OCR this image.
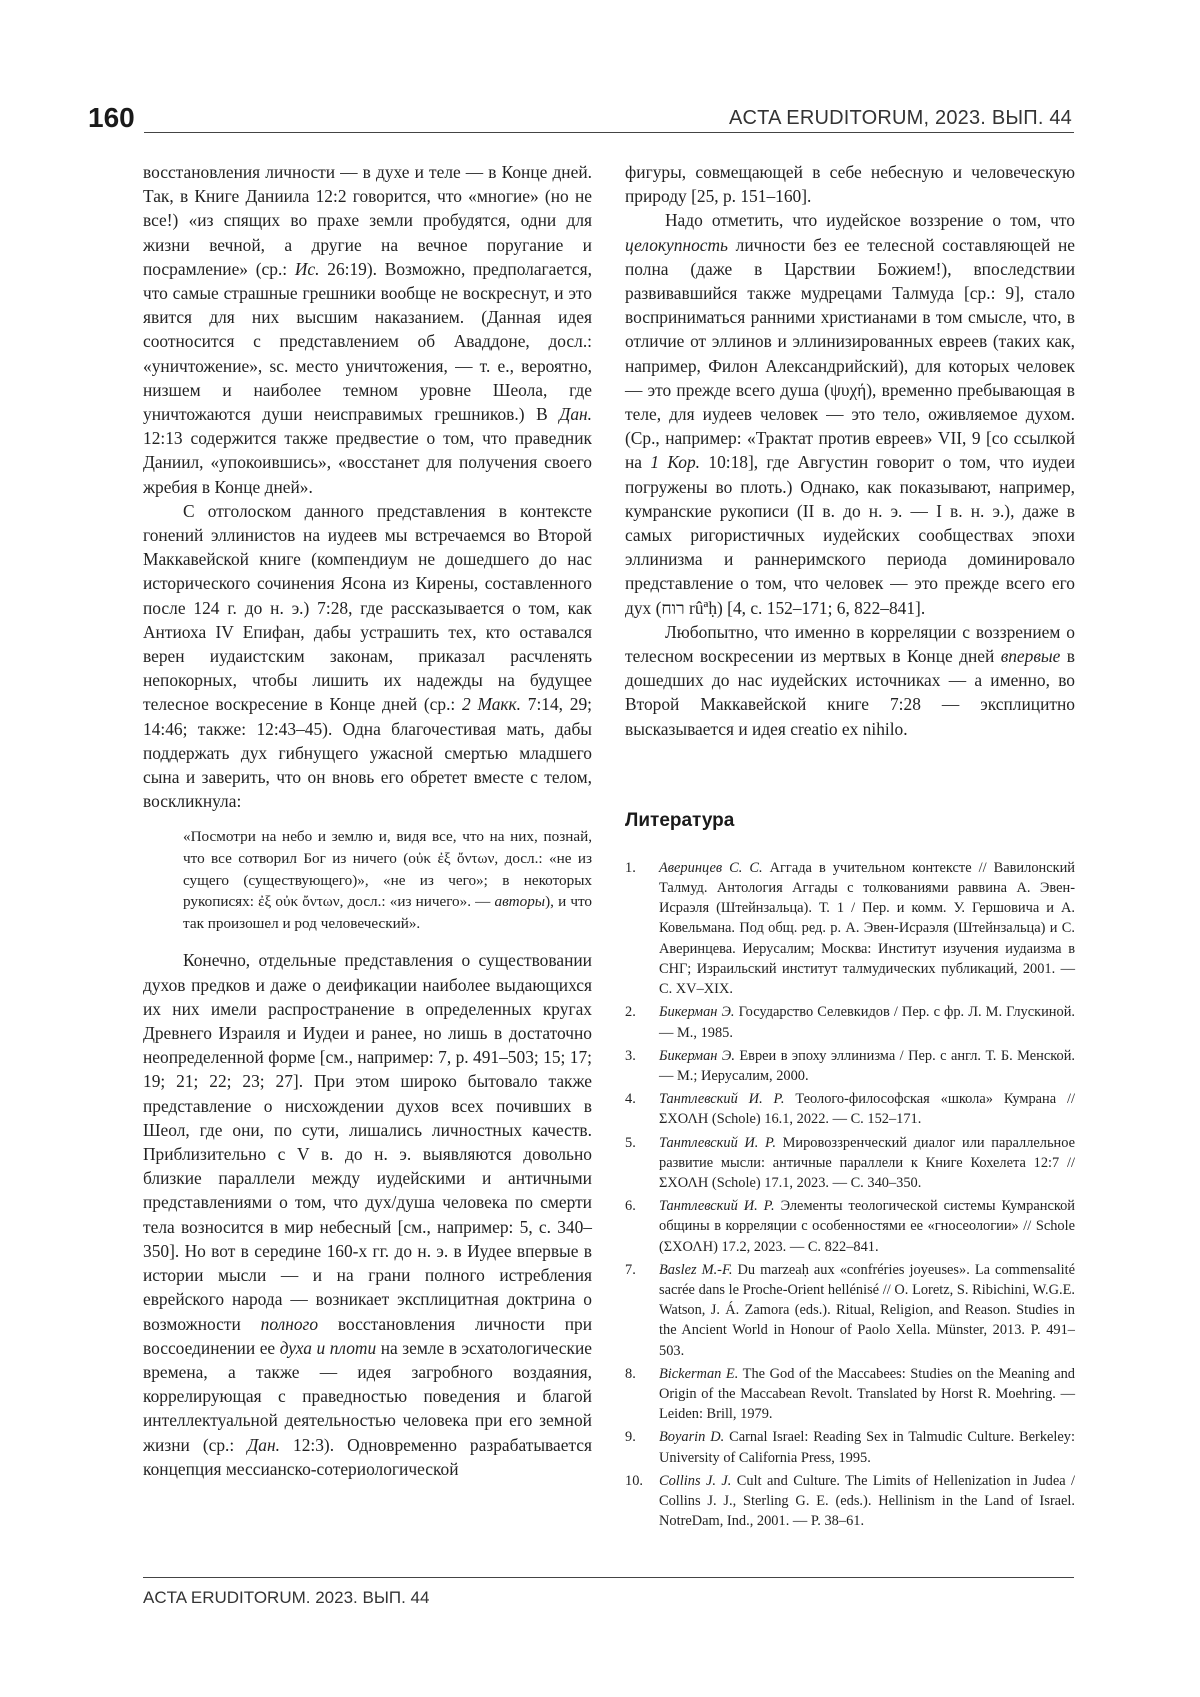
160	ACTA ERUDITORUM, 2023. ВЫП. 44

восстановления личности — в духе и теле — в Конце дней. Так, в Книге Даниила 12:2 говорится, что «многие» (но не все!) «из спящих во прахе земли пробудятся, одни для жизни вечной, а другие на вечное поругание и посрамление» (ср.: Ис. 26:19). Возможно, предполагается, что самые страшные грешники вообще не воскреснут, и это явится для них высшим наказанием. (Данная идея соотносится с представлением об Аваддоне, досл.: «уничтожение», sc. место уничтожения, — т. е., вероятно, низшем и наиболее темном уровне Шеола, где уничтожаются души неисправимых грешников.) В Дан. 12:13 содержится также предвестие о том, что праведник Даниил, «упокоившись», «восстанет для получения своего жребия в Конце дней».

С отголоском данного представления в контексте гонений эллинистов на иудеев мы встречаемся во Второй Маккавейской книге (компендиум не дошедшего до нас исторического сочинения Ясона из Кирены, составленного после 124 г. до н. э.) 7:28, где рассказывается о том, как Антиоха IV Епифан, дабы устрашить тех, кто оставался верен иудаистским законам, приказал расчленять непокорных, чтобы лишить их надежды на будущее телесное воскресение в Конце дней (ср.: 2 Макк. 7:14, 29; 14:46; также: 12:43–45). Одна благочестивая мать, дабы поддержать дух гибнущего ужасной смертью младшего сына и заверить, что он вновь его обретет вместе с телом, воскликнула:

«Посмотри на небо и землю и, видя все, что на них, познай, что все сотворил Бог из ничего (οὐκ ἐξ ὄντων, досл.: «не из сущего (существующего)», «не из чего»; в некоторых рукописях: ἐξ οὐκ ὄντων, досл.: «из ничего». — авторы), и что так произошел и род человеческий».

Конечно, отдельные представления о существовании духов предков и даже о деификации наиболее выдающихся их них имели распространение в определенных кругах Древнего Израиля и Иудеи и ранее, но лишь в достаточно неопределенной форме [см., например: 7, p. 491–503; 15; 17; 19; 21; 22; 23; 27]. При этом широко бытовало также представление о нисхождении духов всех почивших в Шеол, где они, по сути, лишались личностных качеств. Приблизительно с V в. до н. э. выявляются довольно близкие параллели между иудейскими и античными представлениями о том, что дух/душа человека по смерти тела возносится в мир небесный [см., например: 5, с. 340–350]. Но вот в середине 160-х гг. до н. э. в Иудее впервые в истории мысли — и на грани полного истребления еврейского народа — возникает эксплицитная доктрина о возможности полного восстановления личности при воссоединении ее духа и плоти на земле в эсхатологические времена, а также — идея загробного воздаяния, коррелирующая с праведностью поведения и благой интеллектуальной деятельностью человека при его земной жизни (ср.: Дан. 12:3). Одновременно разрабатывается концепция мессианско-сотериологической

фигуры, совмещающей в себе небесную и человеческую природу [25, p. 151–160].

Надо отметить, что иудейское воззрение о том, что целокупность личности без ее телесной составляющей не полна (даже в Царствии Божием!), впоследствии развивавшийся также мудрецами Талмуда [ср.: 9], стало восприниматься ранними христианами в том смысле, что, в отличие от эллинов и эллинизированных евреев (таких как, например, Филон Александрийский), для которых человек — это прежде всего душа (ψυχή), временно пребывающая в теле, для иудеев человек — это тело, оживляемое духом. (Ср., например: «Трактат против евреев» VII, 9 [со ссылкой на 1 Кор. 10:18], где Августин говорит о том, что иудеи погружены во плоть.) Однако, как показывают, например, кумранские рукописи (II в. до н. э. — I в. н. э.), даже в самых ригористичных иудейских сообществах эпохи эллинизма и раннеримского периода доминировало представление о том, что человек — это прежде всего его дух (רוח rûªḥ) [4, с. 152–171; 6, 822–841].

Любопытно, что именно в корреляции с воззрением о телесном воскресении из мертвых в Конце дней впервые в дошедших до нас иудейских источниках — а именно, во Второй Маккавейской книге 7:28 — эксплицитно высказывается и идея creatio ex nihilo.

Литература
1. Аверинцев С. С. Аггада в учительном контексте // Вавилонский Талмуд. Антология Аггады с толкованиями раввина А. Эвен-Исраэля (Штейнзальца). Т. 1 / Пер. и комм. У. Гершовича и А. Ковельмана. Под общ. ред. р. А. Эвен-Исраэля (Штейнзальца) и С. Аверинцева. Иерусалим; Москва: Институт изучения иудаизма в СНГ; Израильский институт талмудических публикаций, 2001. — С. XV–XIX.
2. Бикерман Э. Государство Селевкидов / Пер. с фр. Л. М. Глускиной. — М., 1985.
3. Бикерман Э. Евреи в эпоху эллинизма / Пер. с англ. Т. Б. Менской. — М.; Иерусалим, 2000.
4. Тантлевский И. Р. Теолого-философская «школа» Кумрана // ΣΧΟΛΗ (Schole) 16.1, 2022. — С. 152–171.
5. Тантлевский И. Р. Мировоззренческий диалог или параллельное развитие мысли: античные параллели к Книге Кохелета 12:7 // ΣΧΟΛΗ (Schole) 17.1, 2023. — С. 340–350.
6. Тантлевский И. Р. Элементы теологической системы Кумранской общины в корреляции с особенностями ее «гносеологии» // Schole (ΣΧΟΛΗ) 17.2, 2023. — С. 822–841.
7. Baslez M.-F. Du marzeaḥ aux «confréries joyeuses». La commensalité sacrée dans le Proche-Orient hellénisé // O. Loretz, S. Ribichini, W.G.E. Watson, J. Á. Zamora (eds.). Ritual, Religion, and Reason. Studies in the Ancient World in Honour of Paolo Xella. Münster, 2013. P. 491–503.
8. Bickerman E. The God of the Maccabees: Studies on the Meaning and Origin of the Maccabean Revolt. Translated by Horst R. Moehring. — Leiden: Brill, 1979.
9. Boyarin D. Carnal Israel: Reading Sex in Talmudic Culture. Berkeley: University of California Press, 1995.
10. Collins J. J. Cult and Culture. The Limits of Hellenization in Judea / Collins J. J., Sterling G. E. (eds.). Hellinism in the Land of Israel. NotreDam, Ind., 2001. — P. 38–61.
ACTA ERUDITORUM. 2023. ВЫП. 44
